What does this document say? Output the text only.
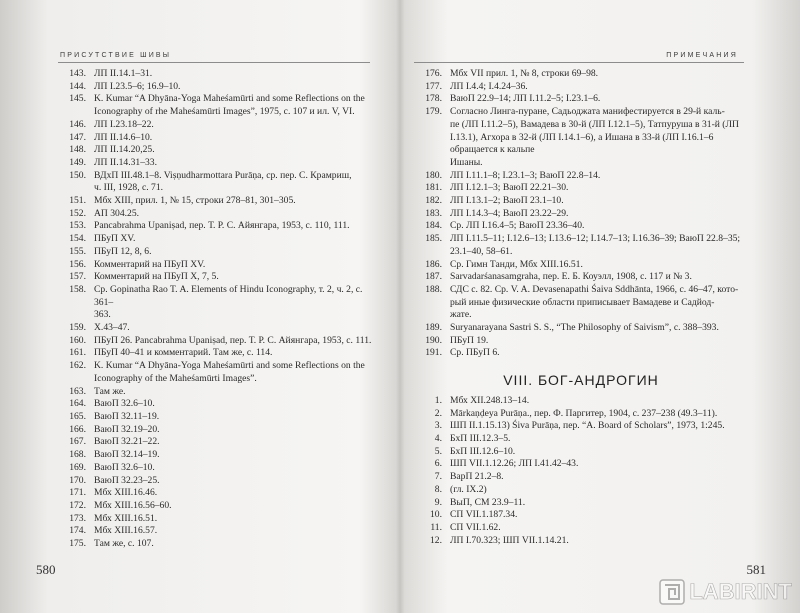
ПРИСУТСТВИЕ ШИВЫ
143. ЛП II.14.1–31.
144. ЛП I.23.5–6; 16.9–10.
145. K. Kumar “A Dhyāna-Yoga Maheśamūrti and some Reflections on the
Iconography of rhe Maheśamūrti Images”, 1975, с. 107 и ил. V, VI.
146. ЛП I.23.18–22.
147. ЛП II.14.6–10.
148. ЛП II.14.20,25.
149. ЛП II.14.31–33.
150. ВДхП III.48.1–8. Viṣṇudharmottara Purāṇa, ср. пер. С. Крамриш,
ч. III, 1928, с. 71.
151. Мбх XIII, прил. 1, № 15, строки 278–81, 301–305.
152. АП 304.25.
153. Pancabrahma Upaniṣad, пер. Т. Р. С. Айянгара, 1953, с. 110, 111.
154. ПБуП XV.
155. ПБуП 12, 8, 6.
156. Комментарий на ПБуП XV.
157. Комментарий на ПБуП X, 7, 5.
158. Ср. Gopinatha Rao T. A. Elements of Hindu Iconography, т. 2, ч. 2, с. 361–
363.
159. Х.43–47.
160. ПБуП 26. Pancabrahma Upaniṣad, пер. Т. Р. С. Айянгара, 1953, с. 111.
161. ПБуП 40–41 и комментарий. Там же, с. 114.
162. K. Kumar “A Dhyāna-Yoga Maheśamūrti and some Reflections on the
Iconography of the Maheśamūrti Images”.
163. Там же.
164. ВаюП 32.6–10.
165. ВаюП 32.11–19.
166. ВаюП 32.19–20.
167. ВаюП 32.21–22.
168. ВаюП 32.14–19.
169. ВаюП 32.6–10.
170. ВаюП 32.23–25.
171. Мбх XIII.16.46.
172. Мбх XIII.16.56–60.
173. Мбх XIII.16.51.
174. Мбх XIII.16.57.
175. Там же, с. 107.
580
ПРИМЕЧАНИЯ
176. Мбх VII прил. 1, № 8, строки 69–98.
177. ЛП I.4.4; I.4.24–36.
178. ВаюП 22.9–14; ЛП I.11.2–5; I.23.1–6.
179. Согласно Линга-пуране, Садьоджата манифестируется в 29-й каль-
пе (ЛП I.11.2–5), Вамадева в 30-й (ЛП I.12.1–5), Татпуруша в 31-й (ЛП
I.13.1), Агхора в 32-й (ЛП I.14.1–6), а Ишана в 33-й (ЛП I.16.1–6 обращается к кальпе
Ишаны.
180. ЛП I.11.1–8; I.23.1–3; ВаюП 22.8–14.
181. ЛП I.12.1–3; ВаюП 22.21–30.
182. ЛП I.13.1–2; ВаюП 23.1–10.
183. ЛП I.14.3–4; ВаюП 23.22–29.
184. Ср. ЛП I.16.4–5; ВаюП 23.36–40.
185. ЛП I.11.5–11; I.12.6–13; I.13.6–12; I.14.7–13; I.16.36–39; ВаюП 22.8–35;
23.1–40, 58–61.
186. Ср. Гимн Танди, Мбх XIII.16.51.
187. Sarvadarśanasamgraha, пер. Е. Б. Коуэлл, 1908, с. 117 и № 3.
188. СДС с. 82. Ср. V. A. Devasenapathi Śaiva Sddhānta, 1966, с. 46–47, кото-
рый иные физические области приписывает Вамадеве и Садйод-
жате.
189. Suryanarayana Sastri S. S., “The Philosophy of Saivism”, с. 388–393.
190. ПБуП 19.
191. Ср. ПБуП 6.
VIII. БОГ-АНДРОГИН
1. Мбх XII.248.13–14.
2. Mārkaṇḍeya Purāṇa., пер. Ф. Паргитер, 1904, с. 237–238 (49.3–11).
3. ШП II.1.15.13) Śiva Purāṇa, пер. “A. Board of Scholars”, 1973, 1:245.
4. БхП III.12.3–5.
5. БхП III.12.6–10.
6. ШП VII.1.12.26; ЛП I.41.42–43.
7. ВарП 21.2–8.
8. (гл. IX.2)
9. ВыП, СМ 23.9–11.
10. СП VII.1.187.34.
11. СП VII.1.62.
12. ЛП I.70.323; ШП VII.1.14.21.
581
LABIRINT
